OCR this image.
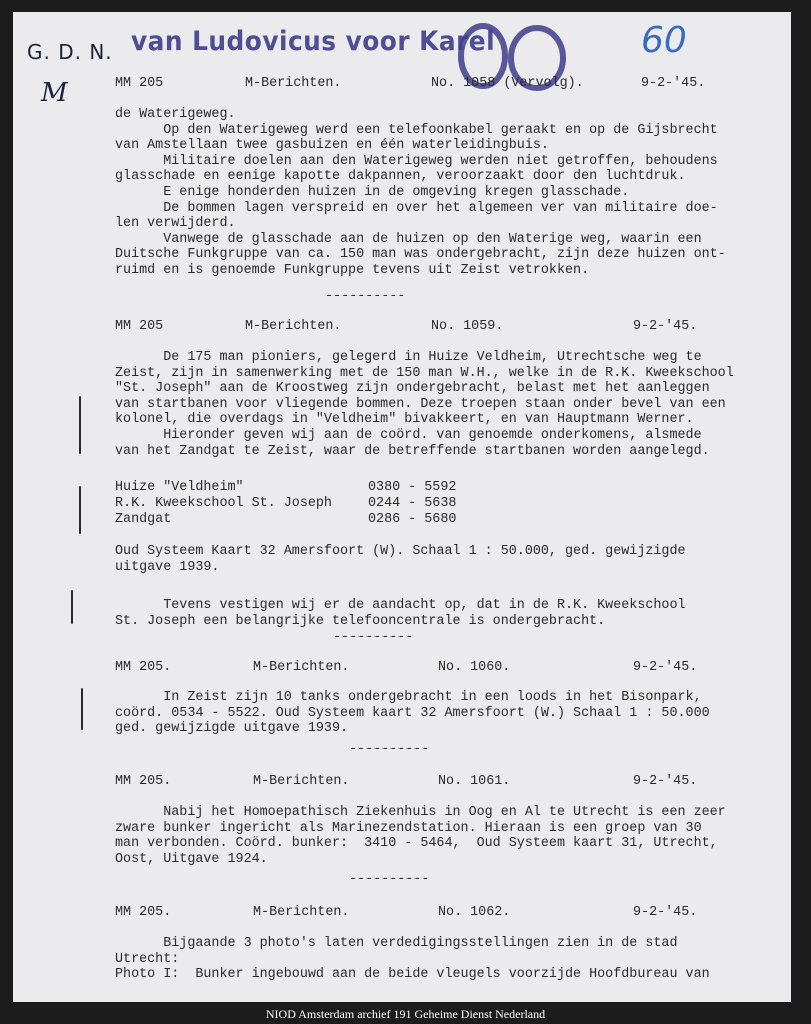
van Ludovicus voor Karel
G. D. N.
M
60
MM 205	M-Berichten.	No. 1058 (Vervolg).	9-2-'45.
de Waterigeweg.
Op den Waterigeweg werd een telefoonkabel geraakt en op de Gijsbrecht
van Amstellaan twee gasbuizen en één waterleidingbuis.
Militaire doelen aan den Waterigeweg werden niet getroffen, behoudens
glasschade en eenige kapotte dakpannen, veroorzaakt door den luchtdruk.
E enige honderden huizen in de omgeving kregen glasschade.
De bommen lagen verspreid en over het algemeen ver van militaire doe-
len verwijderd.
Vanwege de glasschade aan de huizen op den Waterige weg, waarin een
Duitsche Funkgruppe van ca. 150 man was ondergebracht, zijn deze huizen ont-
ruimd en is genoemde Funkgruppe tevens uit Zeist vetrokken.
----------
MM 205	M-Berichten.	No. 1059.	9-2-'45.
De 175 man pioniers, gelegerd in Huize Veldheim, Utrechtsche weg te
Zeist, zijn in samenwerking met de 150 man W.H., welke in de R.K. Kweekschool
"St. Joseph" aan de Kroostweg zijn ondergebracht, belast met het aanleggen
van startbanen voor vliegende bommen. Deze troepen staan onder bevel van een
kolonel, die overdags in "Veldheim" bivakkeert, en van Hauptmann Werner.
Hieronder geven wij aan de coörd. van genoemde onderkomens, alsmede
van het Zandgat te Zeist, waar de betreffende startbanen worden aangelegd.
Huize "Veldheim"	0380 - 5592
R.K. Kweekschool St. Joseph	0244 - 5638
Zandgat	0286 - 5680
Oud Systeem Kaart 32 Amersfoort (W). Schaal 1 : 50.000, ged. gewijzigde
uitgave 1939.
Tevens vestigen wij er de aandacht op, dat in de R.K. Kweekschool
St. Joseph een belangrijke telefooncentrale is ondergebracht.
----------
MM 205.	M-Berichten.	No. 1060.	9-2-'45.
In Zeist zijn 10 tanks ondergebracht in een loods in het Bisonpark,
coörd. 0534 - 5522. Oud Systeem kaart 32 Amersfoort (W.) Schaal 1 : 50.000
ged. gewijzigde uitgave 1939.
----------
MM 205.	M-Berichten.	No. 1061.	9-2-'45.
Nabij het Homoepathisch Ziekenhuis in Oog en Al te Utrecht is een zeer
zware bunker ingericht als Marinezendstation. Hieraan is een groep van 30
man verbonden. Coörd. bunker:  3410 - 5464,  Oud Systeem kaart 31, Utrecht,
Oost, Uitgave 1924.
----------
MM 205.	M-Berichten.	No. 1062.	9-2-'45.
Bijgaande 3 photo's laten verdedigingsstellingen zien in de stad
Utrecht:
Photo I:  Bunker ingebouwd aan de beide vleugels voorzijde Hoofdbureau van
NIOD Amsterdam archief 191 Geheime Dienst Nederland
